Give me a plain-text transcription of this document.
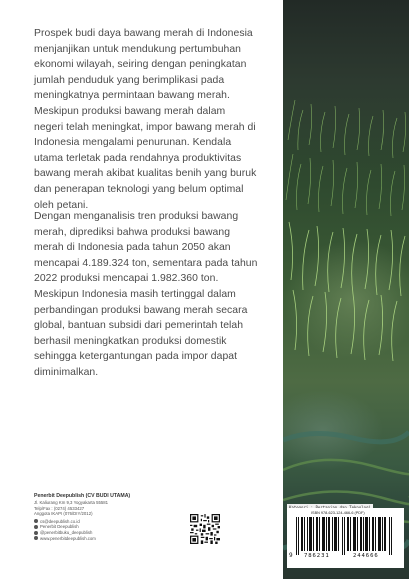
Prospek budi daya bawang merah di Indonesia
menjanjikan untuk mendukung pertumbuhan
ekonomi wilayah, seiring dengan peningkatan
jumlah penduduk yang berimplikasi pada
meningkatnya permintaan bawang merah.
Meskipun produksi bawang merah dalam
negeri telah meningkat, impor bawang merah di
Indonesia mengalami penurunan. Kendala
utama terletak pada rendahnya produktivitas
bawang merah akibat kualitas benih yang buruk
dan penerapan teknologi yang belum optimal
oleh petani.

Dengan menganalisis tren produksi bawang
merah, diprediksi bahwa produksi bawang
merah di Indonesia pada tahun 2050 akan
mencapai 4.189.324 ton, sementara pada tahun
2022 produksi mencapai 1.982.360 ton.
Meskipun Indonesia masih tertinggal dalam
perbandingan produksi bawang merah secara
global, bantuan subsidi dari pemerintah telah
berhasil meningkatkan produksi domestik
sehingga ketergantungan pada impor dapat
diminimalkan.

Penerbit Deepublish (CV BUDI UTAMA)
Jl. Kaliurang Km 9,3 Yogyakarta 55581
Telp/Fax : (0274) 4533427
Anggota IKAPI (076/DIY/2012)
cs@deepublish.co.id
Penerbit Deepublish
@penerbitbuku_deepublish
www.penerbitdeepublish.com
ISBN 978-623-124-466-6 (PDF)
9 786231	244666
